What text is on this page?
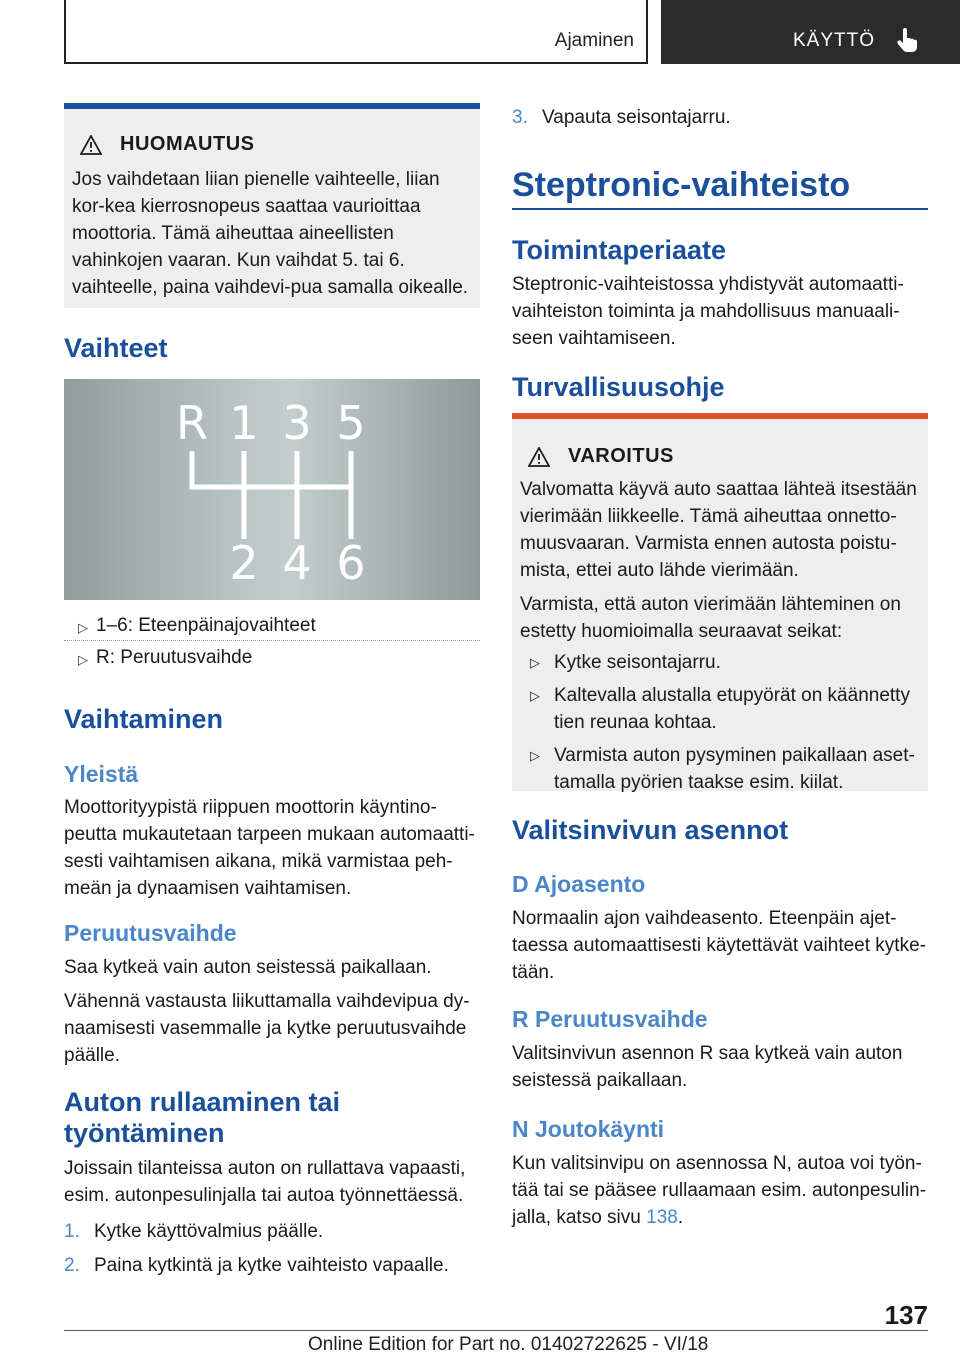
Ajaminen	KÄYTTÖ
HUOMAUTUS

Jos vaihdetaan liian pienelle vaihteelle, liian kor-kea kierrosnopeus saattaa vaurioittaa moottoria. Tämä aiheuttaa aineellisten vahinkojen vaaran. Kun vaihdat 5. tai 6. vaihteelle, paina vaihdevi-pua samalla oikealle.

Vaihteet
R 1 3 5
2 4 6
▷ 1–6: Eteenpäinajovaihteet
▷ R: Peruutusvaihde
Vaihtaminen
Yleistä

Moottorityypistä riippuen moottorin käyntino-peutta mukautetaan tarpeen mukaan automaatti-sesti vaihtamisen aikana, mikä varmistaa peh-meän ja dynaamisen vaihtamisen.

Peruutusvaihde

Saa kytkeä vain auton seistessä paikallaan.

Vähennä vastausta liikuttamalla vaihdevipua dy-naamisesti vasemmalle ja kytke peruutusvaihde päälle.

Auton rullaaminen tai työntäminen

Joissain tilanteissa auton on rullattava vapaasti, esim. autonpesulinjalla tai autoa työnnettäessä.

1. Kytke käyttövalmius päälle.
2. Paina kytkintä ja kytke vaihteisto vapaalle.
3. Vapauta seisontajarru.
Steptronic-vaihteisto
Toimintaperiaate

Steptronic-vaihteistossa yhdistyvät automaatti-vaihteiston toiminta ja mahdollisuus manuaali-seen vaihtamiseen.

Turvallisuusohje
VAROITUS

Valvomatta käyvä auto saattaa lähteä itsestään vierimään liikkeelle. Tämä aiheuttaa onnetto-muusvaaran. Varmista ennen autosta poistu-mista, ettei auto lähde vierimään.

Varmista, että auton vierimään lähteminen on estetty huomioimalla seuraavat seikat:

▷ Kytke seisontajarru.
▷ Kaltevalla alustalla etupyörät on käännetty tien reunaa kohtaa.
▷ Varmista auton pysyminen paikallaan aset-tamalla pyörien taakse esim. kiilat.
Valitsinvivun asennot
D Ajoasento

Normaalin ajon vaihdeasento. Eteenpäin ajet-taessa automaattisesti käytettävät vaihteet kytke-tään.

R Peruutusvaihde

Valitsinvivun asennon R saa kytkeä vain auton seistessä paikallaan.

N Joutokäynti

Kun valitsinvipu on asennossa N, autoa voi työn-tää tai se pääsee rullaamaan esim. autonpesulin-jalla, katso sivu 138.

137
Online Edition for Part no. 01402722625 - VI/18
